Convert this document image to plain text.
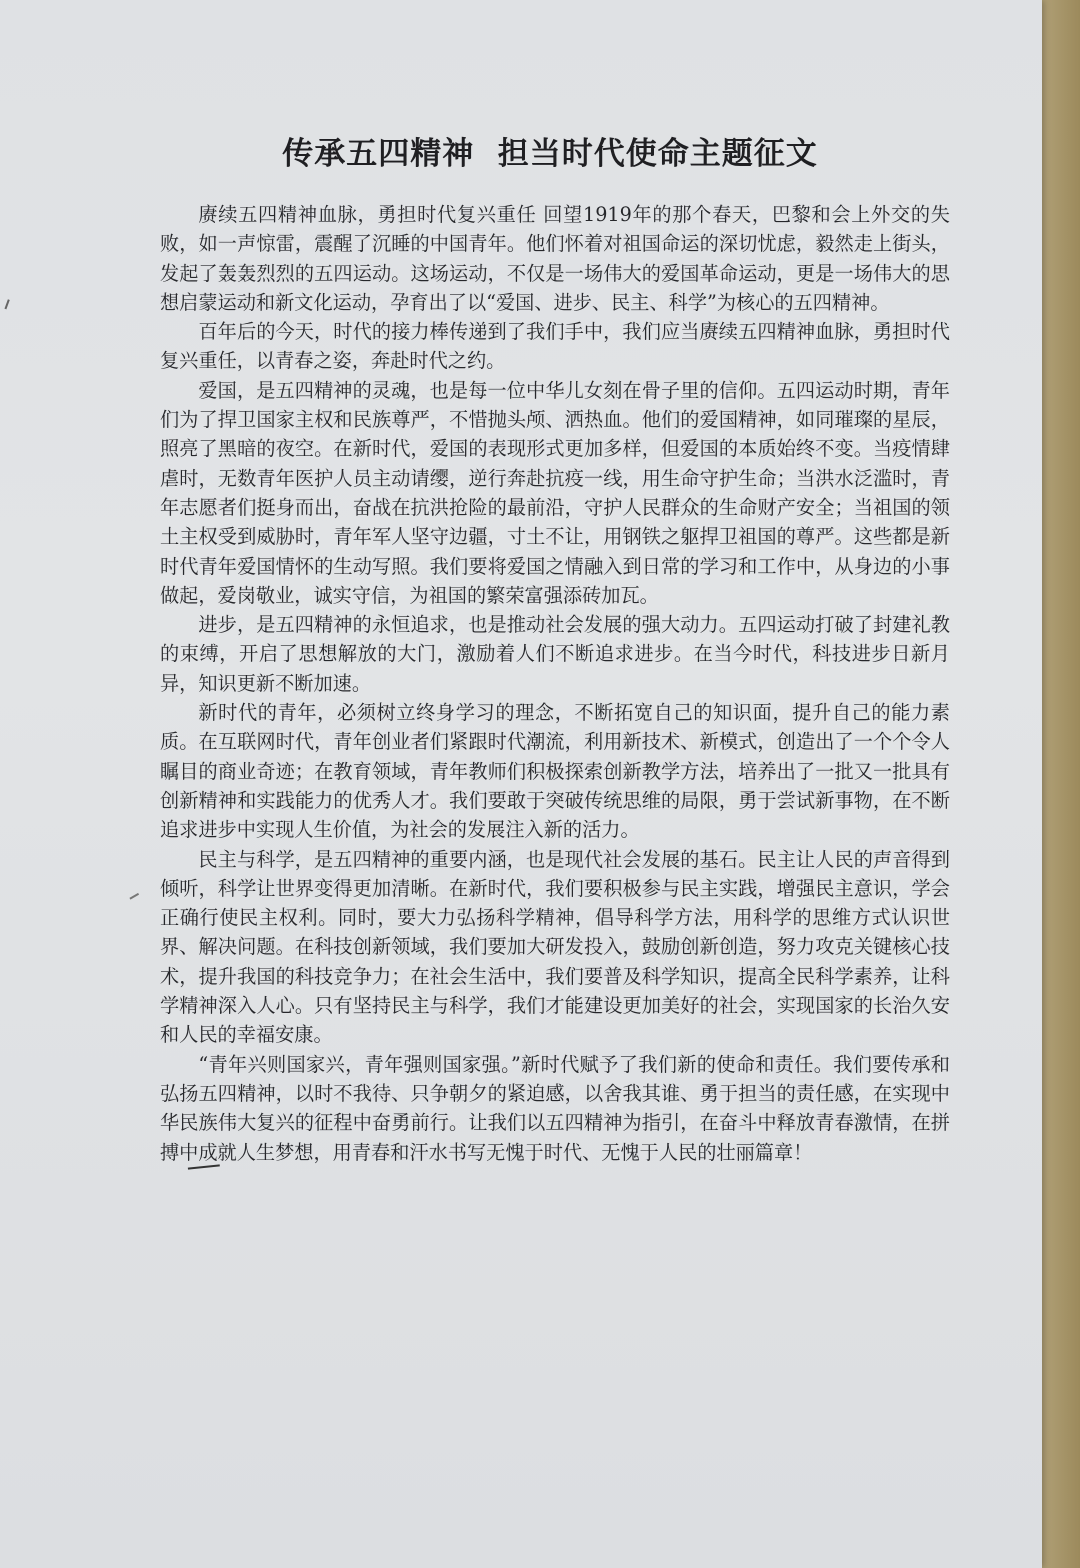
传承五四精神  担当时代使命主题征文

赓续五四精神血脉，勇担时代复兴重任 回望1919年的那个春天，巴黎和会上外交的失败，如一声惊雷，震醒了沉睡的中国青年。他们怀着对祖国命运的深切忧虑，毅然走上街头，发起了轰轰烈烈的五四运动。这场运动，不仅是一场伟大的爱国革命运动，更是一场伟大的思想启蒙运动和新文化运动，孕育出了以“爱国、进步、民主、科学”为核心的五四精神。

百年后的今天，时代的接力棒传递到了我们手中，我们应当赓续五四精神血脉，勇担时代复兴重任，以青春之姿，奔赴时代之约。

爱国，是五四精神的灵魂，也是每一位中华儿女刻在骨子里的信仰。五四运动时期，青年们为了捍卫国家主权和民族尊严，不惜抛头颅、洒热血。他们的爱国精神，如同璀璨的星辰，照亮了黑暗的夜空。在新时代，爱国的表现形式更加多样，但爱国的本质始终不变。当疫情肆虐时，无数青年医护人员主动请缨，逆行奔赴抗疫一线，用生命守护生命；当洪水泛滥时，青年志愿者们挺身而出，奋战在抗洪抢险的最前沿，守护人民群众的生命财产安全；当祖国的领土主权受到威胁时，青年军人坚守边疆，寸土不让，用钢铁之躯捍卫祖国的尊严。这些都是新时代青年爱国情怀的生动写照。我们要将爱国之情融入到日常的学习和工作中，从身边的小事做起，爱岗敬业，诚实守信，为祖国的繁荣富强添砖加瓦。

进步，是五四精神的永恒追求，也是推动社会发展的强大动力。五四运动打破了封建礼教的束缚，开启了思想解放的大门，激励着人们不断追求进步。在当今时代，科技进步日新月异，知识更新不断加速。

新时代的青年，必须树立终身学习的理念，不断拓宽自己的知识面，提升自己的能力素质。在互联网时代，青年创业者们紧跟时代潮流，利用新技术、新模式，创造出了一个个令人瞩目的商业奇迹；在教育领域，青年教师们积极探索创新教学方法，培养出了一批又一批具有创新精神和实践能力的优秀人才。我们要敢于突破传统思维的局限，勇于尝试新事物，在不断追求进步中实现人生价值，为社会的发展注入新的活力。

民主与科学，是五四精神的重要内涵，也是现代社会发展的基石。民主让人民的声音得到倾听，科学让世界变得更加清晰。在新时代，我们要积极参与民主实践，增强民主意识，学会正确行使民主权利。同时，要大力弘扬科学精神，倡导科学方法，用科学的思维方式认识世界、解决问题。在科技创新领域，我们要加大研发投入，鼓励创新创造，努力攻克关键核心技术，提升我国的科技竞争力；在社会生活中，我们要普及科学知识，提高全民科学素养，让科学精神深入人心。只有坚持民主与科学，我们才能建设更加美好的社会，实现国家的长治久安和人民的幸福安康。

“青年兴则国家兴，青年强则国家强。”新时代赋予了我们新的使命和责任。我们要传承和弘扬五四精神，以时不我待、只争朝夕的紧迫感，以舍我其谁、勇于担当的责任感，在实现中华民族伟大复兴的征程中奋勇前行。让我们以五四精神为指引，在奋斗中释放青春激情，在拼搏中成就人生梦想，用青春和汗水书写无愧于时代、无愧于人民的壮丽篇章！
